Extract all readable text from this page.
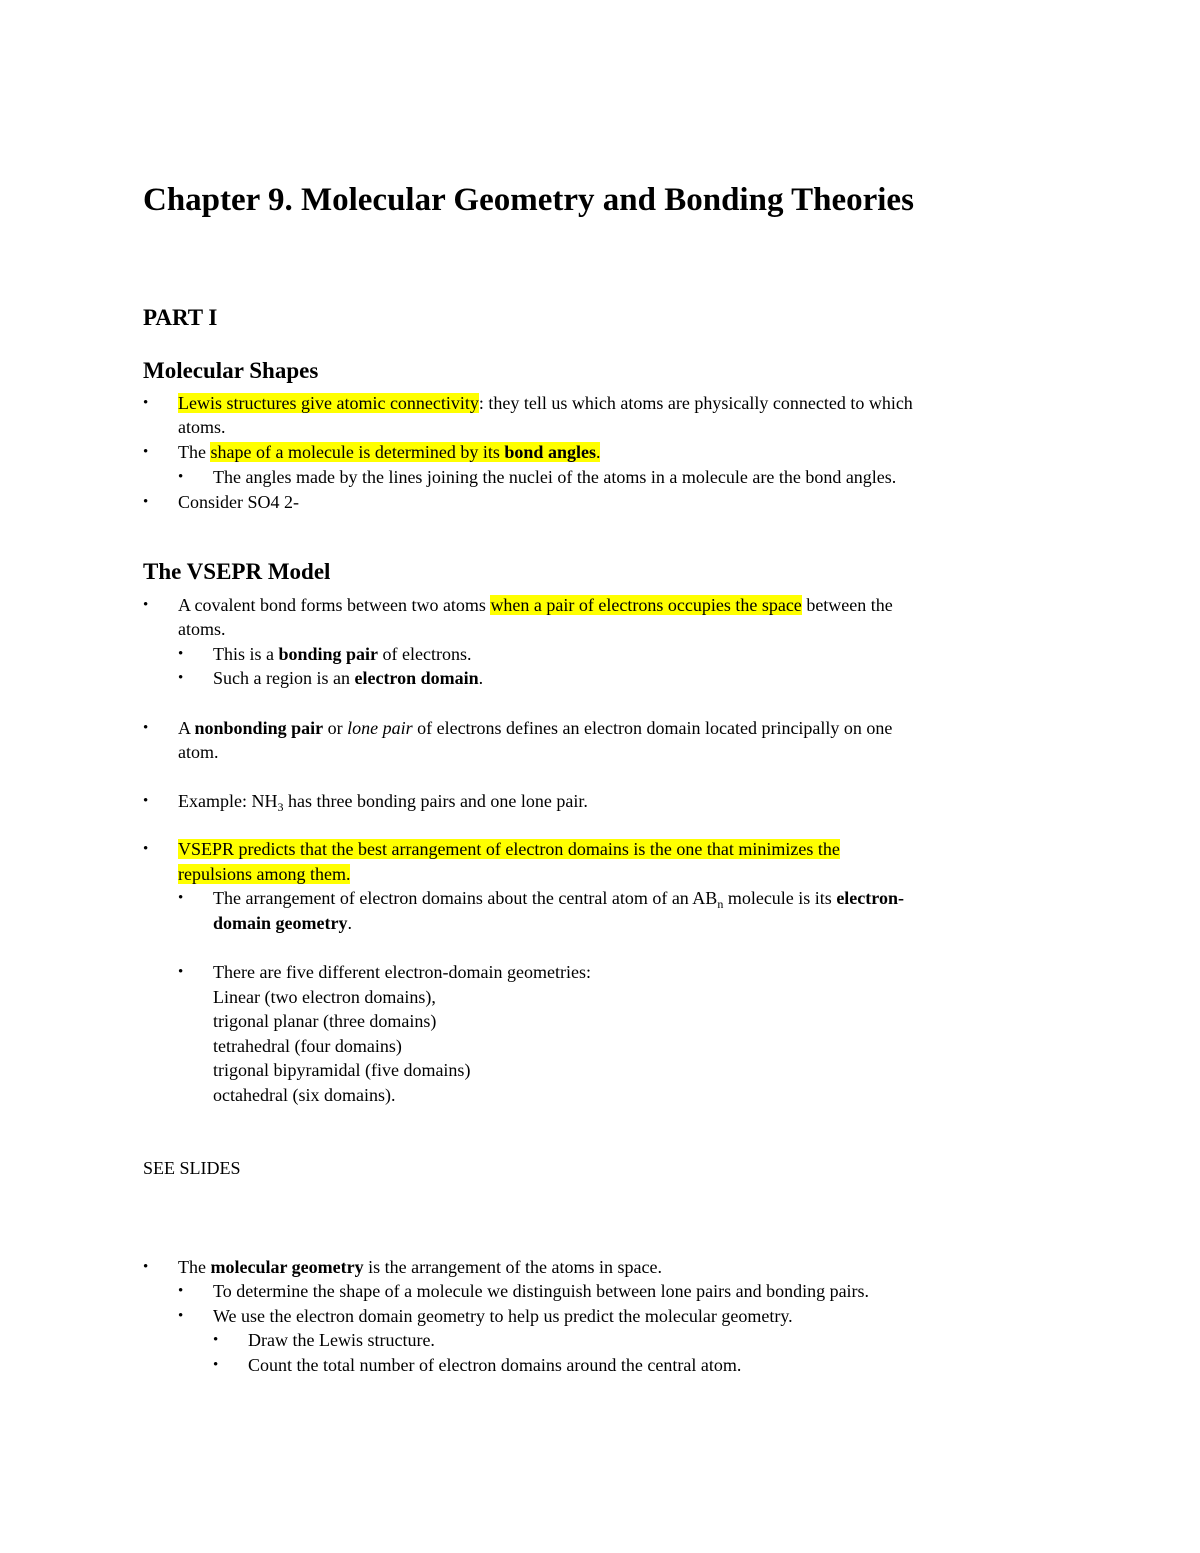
Chapter 9. Molecular Geometry and Bonding Theories
PART I
Molecular Shapes
• Lewis structures give atomic connectivity: they tell us which atoms are physically connected to which
atoms.
• The shape of a molecule is determined by its bond angles.
• The angles made by the lines joining the nuclei of the atoms in a molecule are the bond angles.
• Consider SO4 2-
The VSEPR Model
• A covalent bond forms between two atoms when a pair of electrons occupies the space between the
atoms.
• This is a bonding pair of electrons.
• Such a region is an electron domain.
• A nonbonding pair or lone pair of electrons defines an electron domain located principally on one
atom.
• Example: $NH_3$ has three bonding pairs and one lone pair.
• VSEPR predicts that the best arrangement of electron domains is the one that minimizes the
repulsions among them.
• The arrangement of electron domains about the central atom of an $AB_n$ molecule is its electron-
domain geometry.
• There are five different electron-domain geometries:
Linear (two electron domains),
trigonal planar (three domains)
tetrahedral (four domains)
trigonal bipyramidal (five domains)
octahedral (six domains).
SEE SLIDES
• The molecular geometry is the arrangement of the atoms in space.
• To determine the shape of a molecule we distinguish between lone pairs and bonding pairs.
• We use the electron domain geometry to help us predict the molecular geometry.
• Draw the Lewis structure.
• Count the total number of electron domains around the central atom.
